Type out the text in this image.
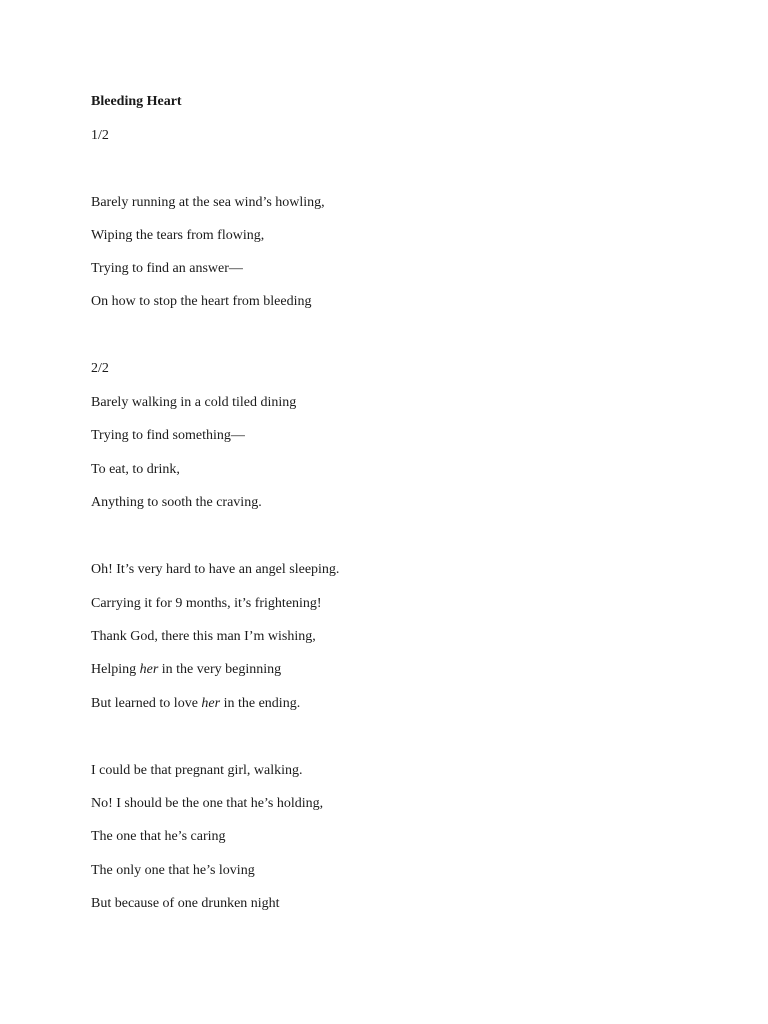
Bleeding Heart
1/2
Barely running at the sea wind’s howling,
Wiping the tears from flowing,
Trying to find an answer—
On how to stop the heart from bleeding
2/2
Barely walking in a cold tiled dining
Trying to find something—
To eat, to drink,
Anything to sooth the craving.
Oh! It’s very hard to have an angel sleeping.
Carrying it for 9 months, it’s frightening!
Thank God, there this man I’m wishing,
Helping her in the very beginning
But learned to love her in the ending.
I could be that pregnant girl, walking.
No! I should be the one that he’s holding,
The one that he’s caring
The only one that he’s loving
But because of one drunken night
